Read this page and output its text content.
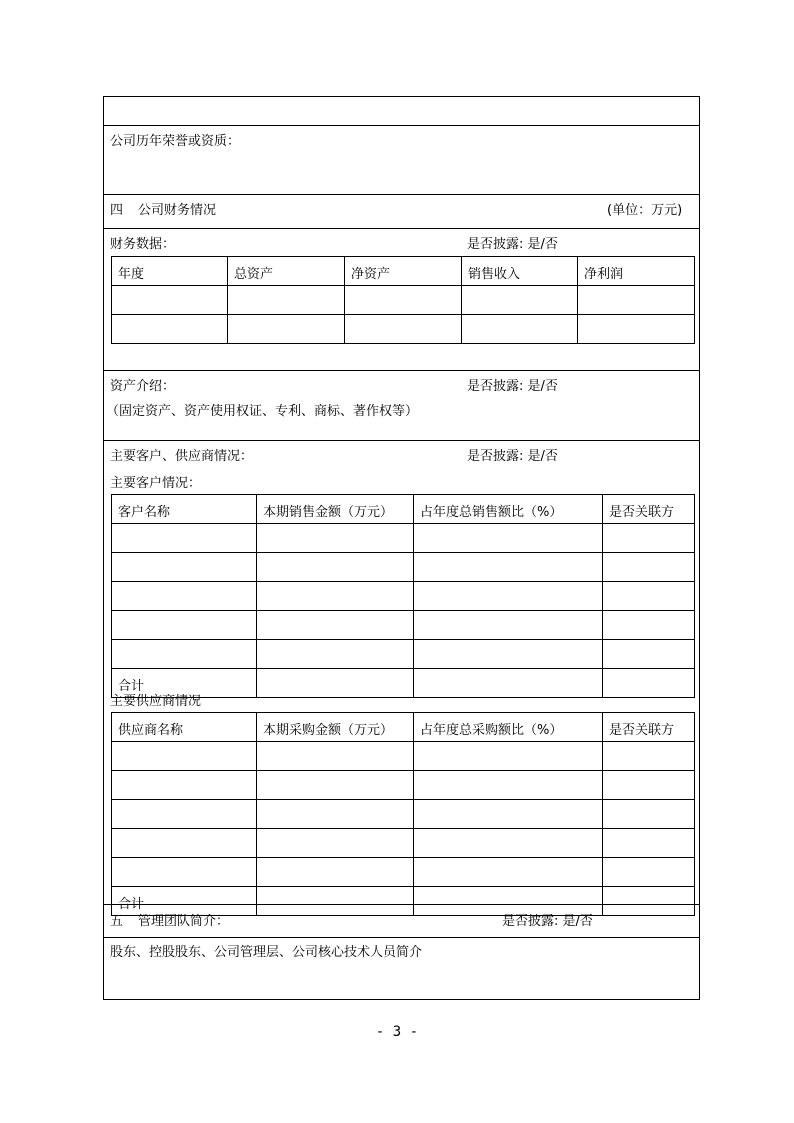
公司历年荣誉或资质：
四 公司财务情况	(单位：万元)
财务数据：	是否披露: 是/否
年度	总资产	净资产	销售收入	净利润

资产介绍：	是否披露: 是/否
（固定资产、资产使用权证、专利、商标、著作权等）
主要客户、供应商情况：	是否披露: 是/否
主要客户情况：
客户名称	本期销售金额（万元）	占年度总销售额比（%）	是否关联方

合计			
主要供应商情况
供应商名称	本期采购金额（万元）	占年度总采购额比（%）	是否关联方

合计			
五 管理团队简介：	是否披露: 是/否
股东、控股股东、公司管理层、公司核心技术人员简介
- 3 -
